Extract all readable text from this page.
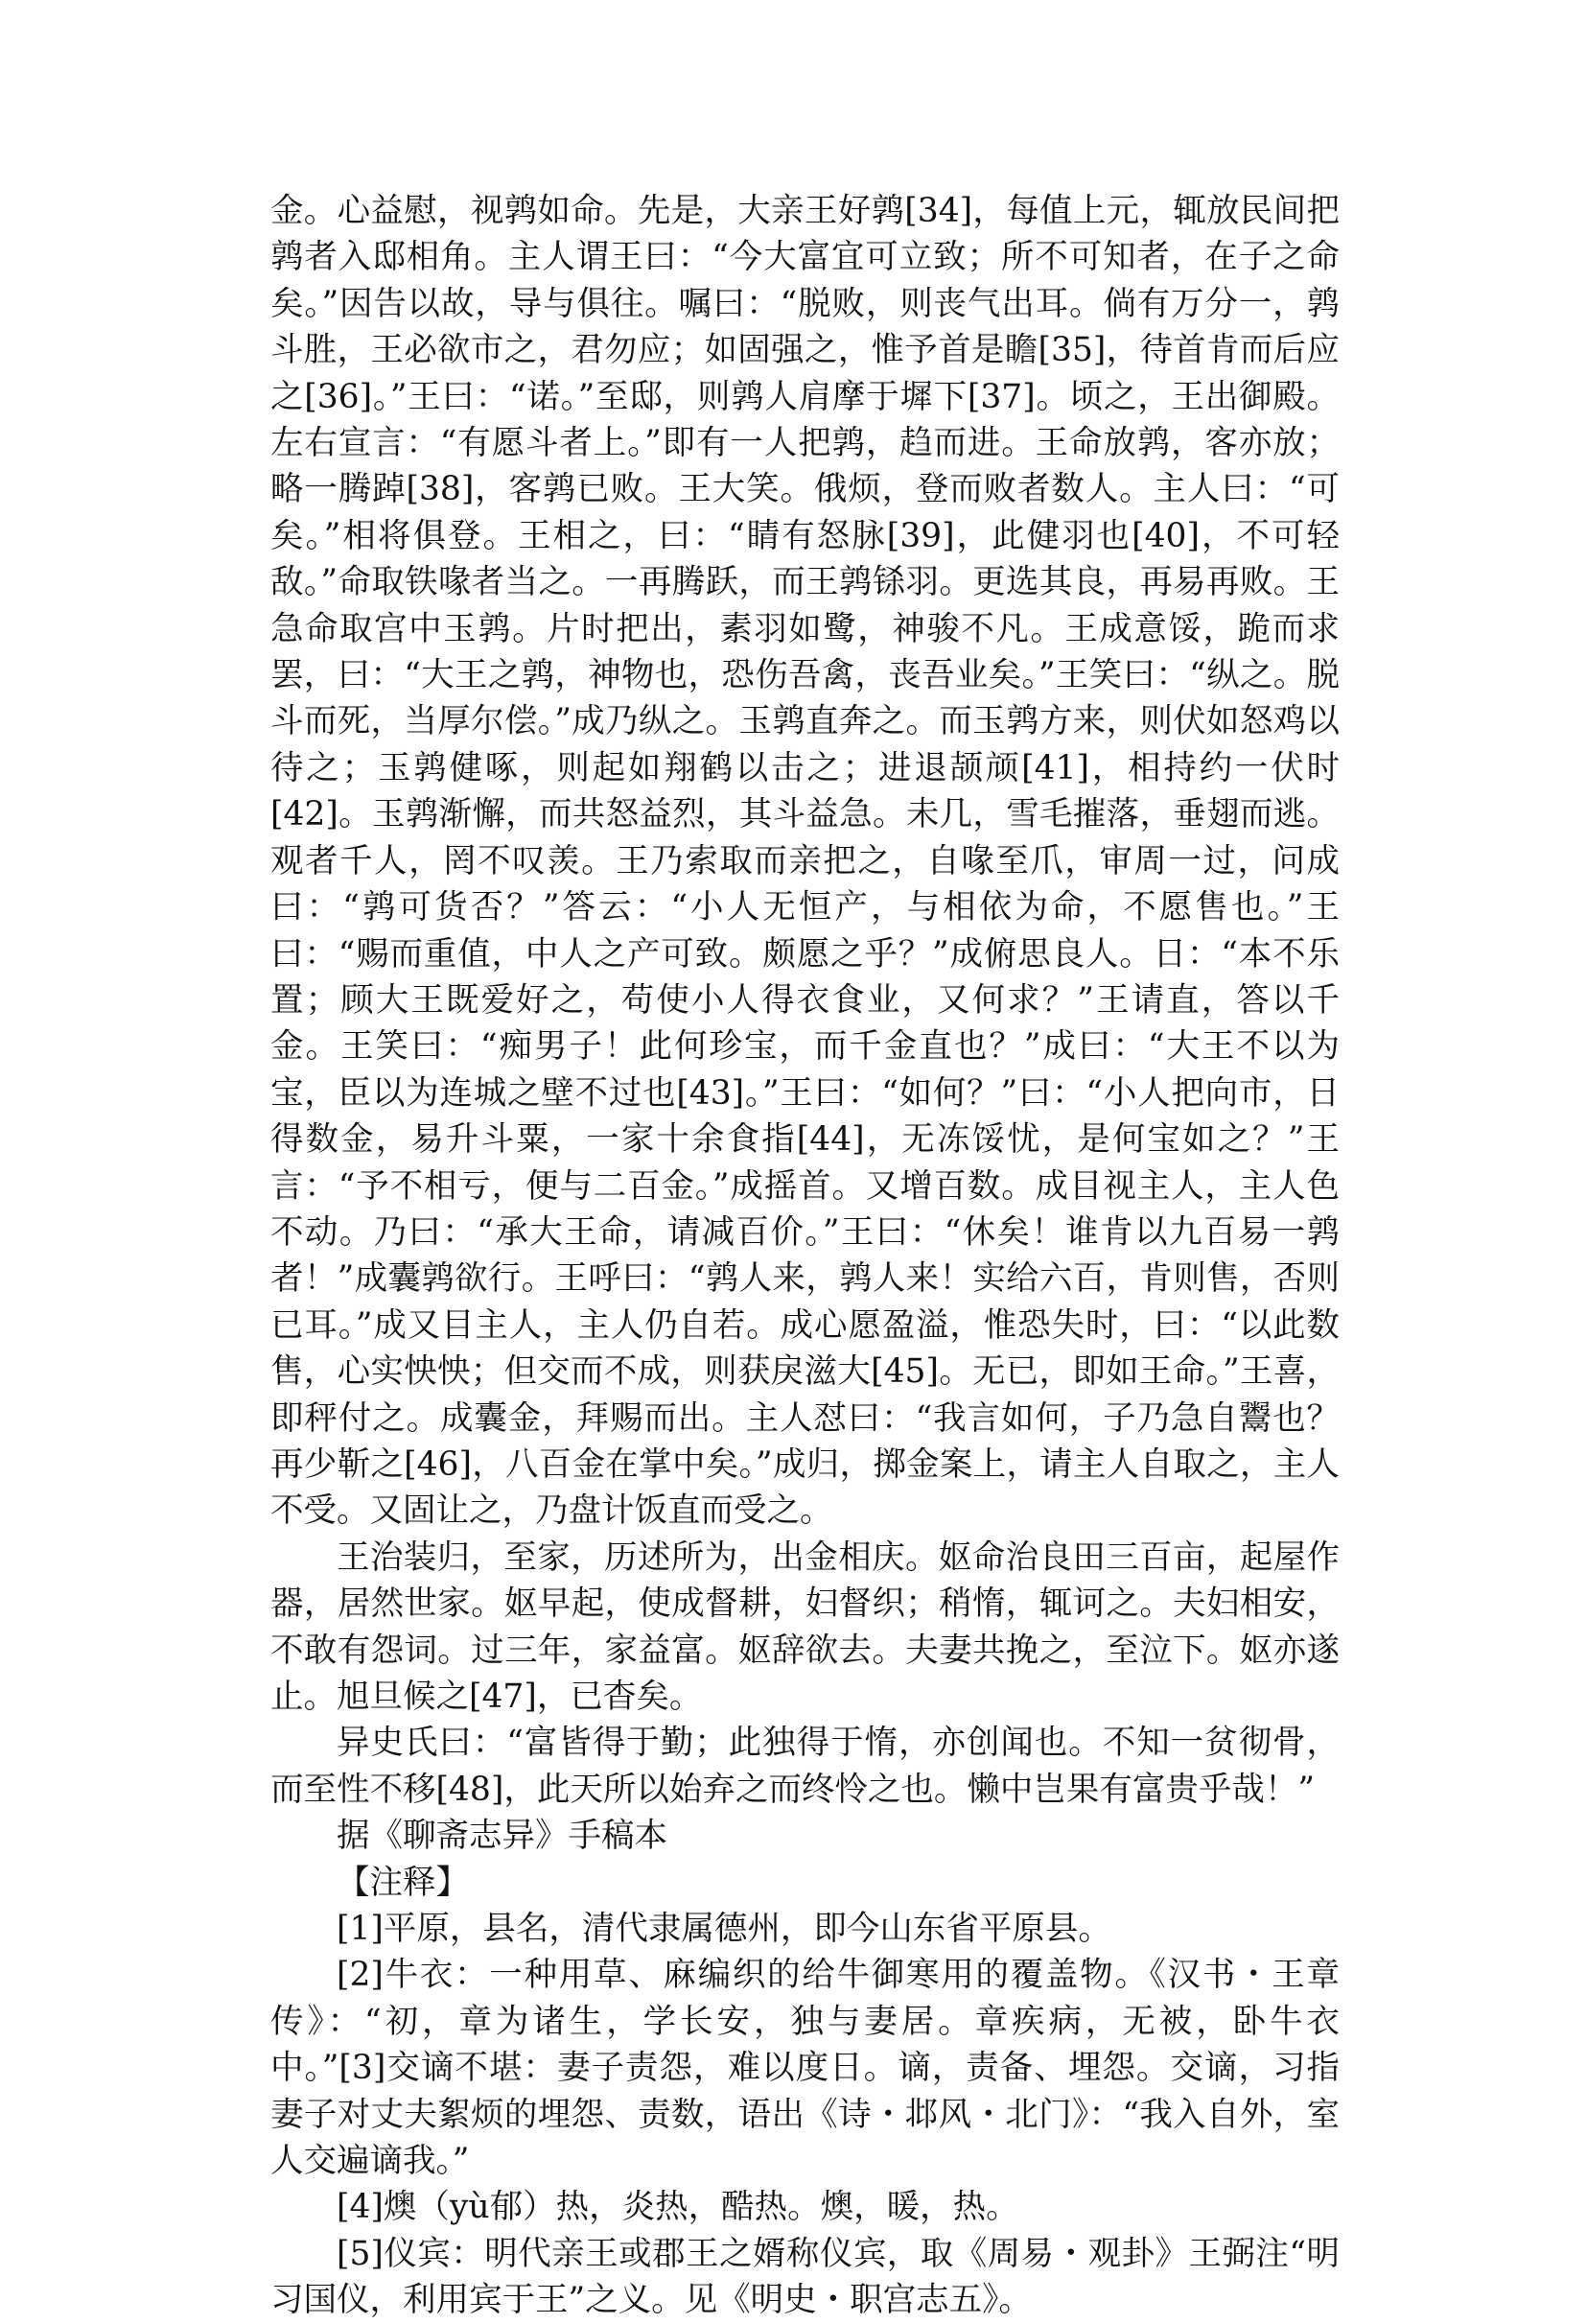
金。心益慰，视鹑如命。先是，大亲王好鹑[34]，每值上元，辄放民间把鹑者入邸相角。主人谓王曰：“今大富宜可立致；所不可知者，在子之命矣。”因告以故，导与俱往。嘱曰：“脱败，则丧气出耳。倘有万分一，鹑斗胜，王必欲市之，君勿应；如固强之，惟予首是瞻[35]，待首肯而后应之[36]。”王曰：“诺。”至邸，则鹑人肩摩于墀下[37]。顷之，王出御殿。左右宣言：“有愿斗者上。”即有一人把鹑，趋而进。王命放鹑，客亦放；略一腾踔[38]，客鹑已败。王大笑。俄烦，登而败者数人。主人曰：“可矣。”相将俱登。王相之，曰：“睛有怒脉[39]，此健羽也[40]，不可轻敌。”命取铁喙者当之。一再腾跃，而王鹑铩羽。更选其良，再易再败。王急命取宫中玉鹑。片时把出，素羽如鹭，神骏不凡。王成意馁，跪而求罢，曰：“大王之鹑，神物也，恐伤吾禽，丧吾业矣。”王笑曰：“纵之。脱斗而死，当厚尔偿。”成乃纵之。玉鹑直奔之。而玉鹑方来，则伏如怒鸡以待之；玉鹑健啄，则起如翔鹤以击之；进退颉颃[41]，相持约一伏时[42]。玉鹑渐懈，而共怒益烈，其斗益急。未几，雪毛摧落，垂翅而逃。观者千人，罔不叹羡。王乃索取而亲把之，自喙至爪，审周一过，问成曰：“鹑可货否？”答云：“小人无恒产，与相依为命，不愿售也。”王曰：“赐而重值，中人之产可致。颇愿之乎？”成俯思良人。日：“本不乐置；顾大王既爱好之，苟使小人得衣食业，又何求？”王请直，答以千金。王笑曰：“痴男子！此何珍宝，而千金直也？”成曰：“大王不以为宝，臣以为连城之壁不过也[43]。”王曰：“如何？”曰：“小人把向市，日得数金，易升斗粟，一家十余食指[44]，无冻馁忧，是何宝如之？”王言：“予不相亏，便与二百金。”成摇首。又增百数。成目视主人，主人色不动。乃曰：“承大王命，请减百价。”王曰：“休矣！谁肯以九百易一鹑者！”成囊鹑欲行。王呼曰：“鹑人来，鹑人来！实给六百，肯则售，否则已耳。”成又目主人，主人仍自若。成心愿盈溢，惟恐失时，曰：“以此数售，心实怏怏；但交而不成，则获戾滋大[45]。无已，即如王命。”王喜，即秤付之。成囊金，拜赐而出。主人怼曰：“我言如何，子乃急自鬻也？再少靳之[46]，八百金在掌中矣。”成归，掷金案上，请主人自取之，主人不受。又固让之，乃盘计饭直而受之。

王治装归，至家，历述所为，出金相庆。妪命治良田三百亩，起屋作器，居然世家。妪早起，使成督耕，妇督织；稍惰，辄诃之。夫妇相安，不敢有怨词。过三年，家益富。妪辞欲去。夫妻共挽之，至泣下。妪亦遂止。旭旦候之[47]，已杳矣。

异史氏曰：“富皆得于勤；此独得于惰，亦创闻也。不知一贫彻骨，而至性不移[48]，此天所以始弃之而终怜之也。懒中岂果有富贵乎哉！”

据《聊斋志异》手稿本

【注释】

[1]平原，县名，清代隶属德州，即今山东省平原县。

[2]牛衣：一种用草、麻编织的给牛御寒用的覆盖物。《汉书・王章传》：“初，章为诸生，学长安，独与妻居。章疾病，无被，卧牛衣中。”[3]交谪不堪：妻子责怨，难以度日。谪，责备、埋怨。交谪，习指妻子对丈夫絮烦的埋怨、责数，语出《诗・邶风・北门》：“我入自外，室人交遍谪我。”

[4]燠（yù郁）热，炎热，酷热。燠，暖，热。

[5]仪宾：明代亲王或郡王之婿称仪宾，取《周易・观卦》王弼注“明习国仪，利用宾于王”之义。见《明史・职宫志五》。
